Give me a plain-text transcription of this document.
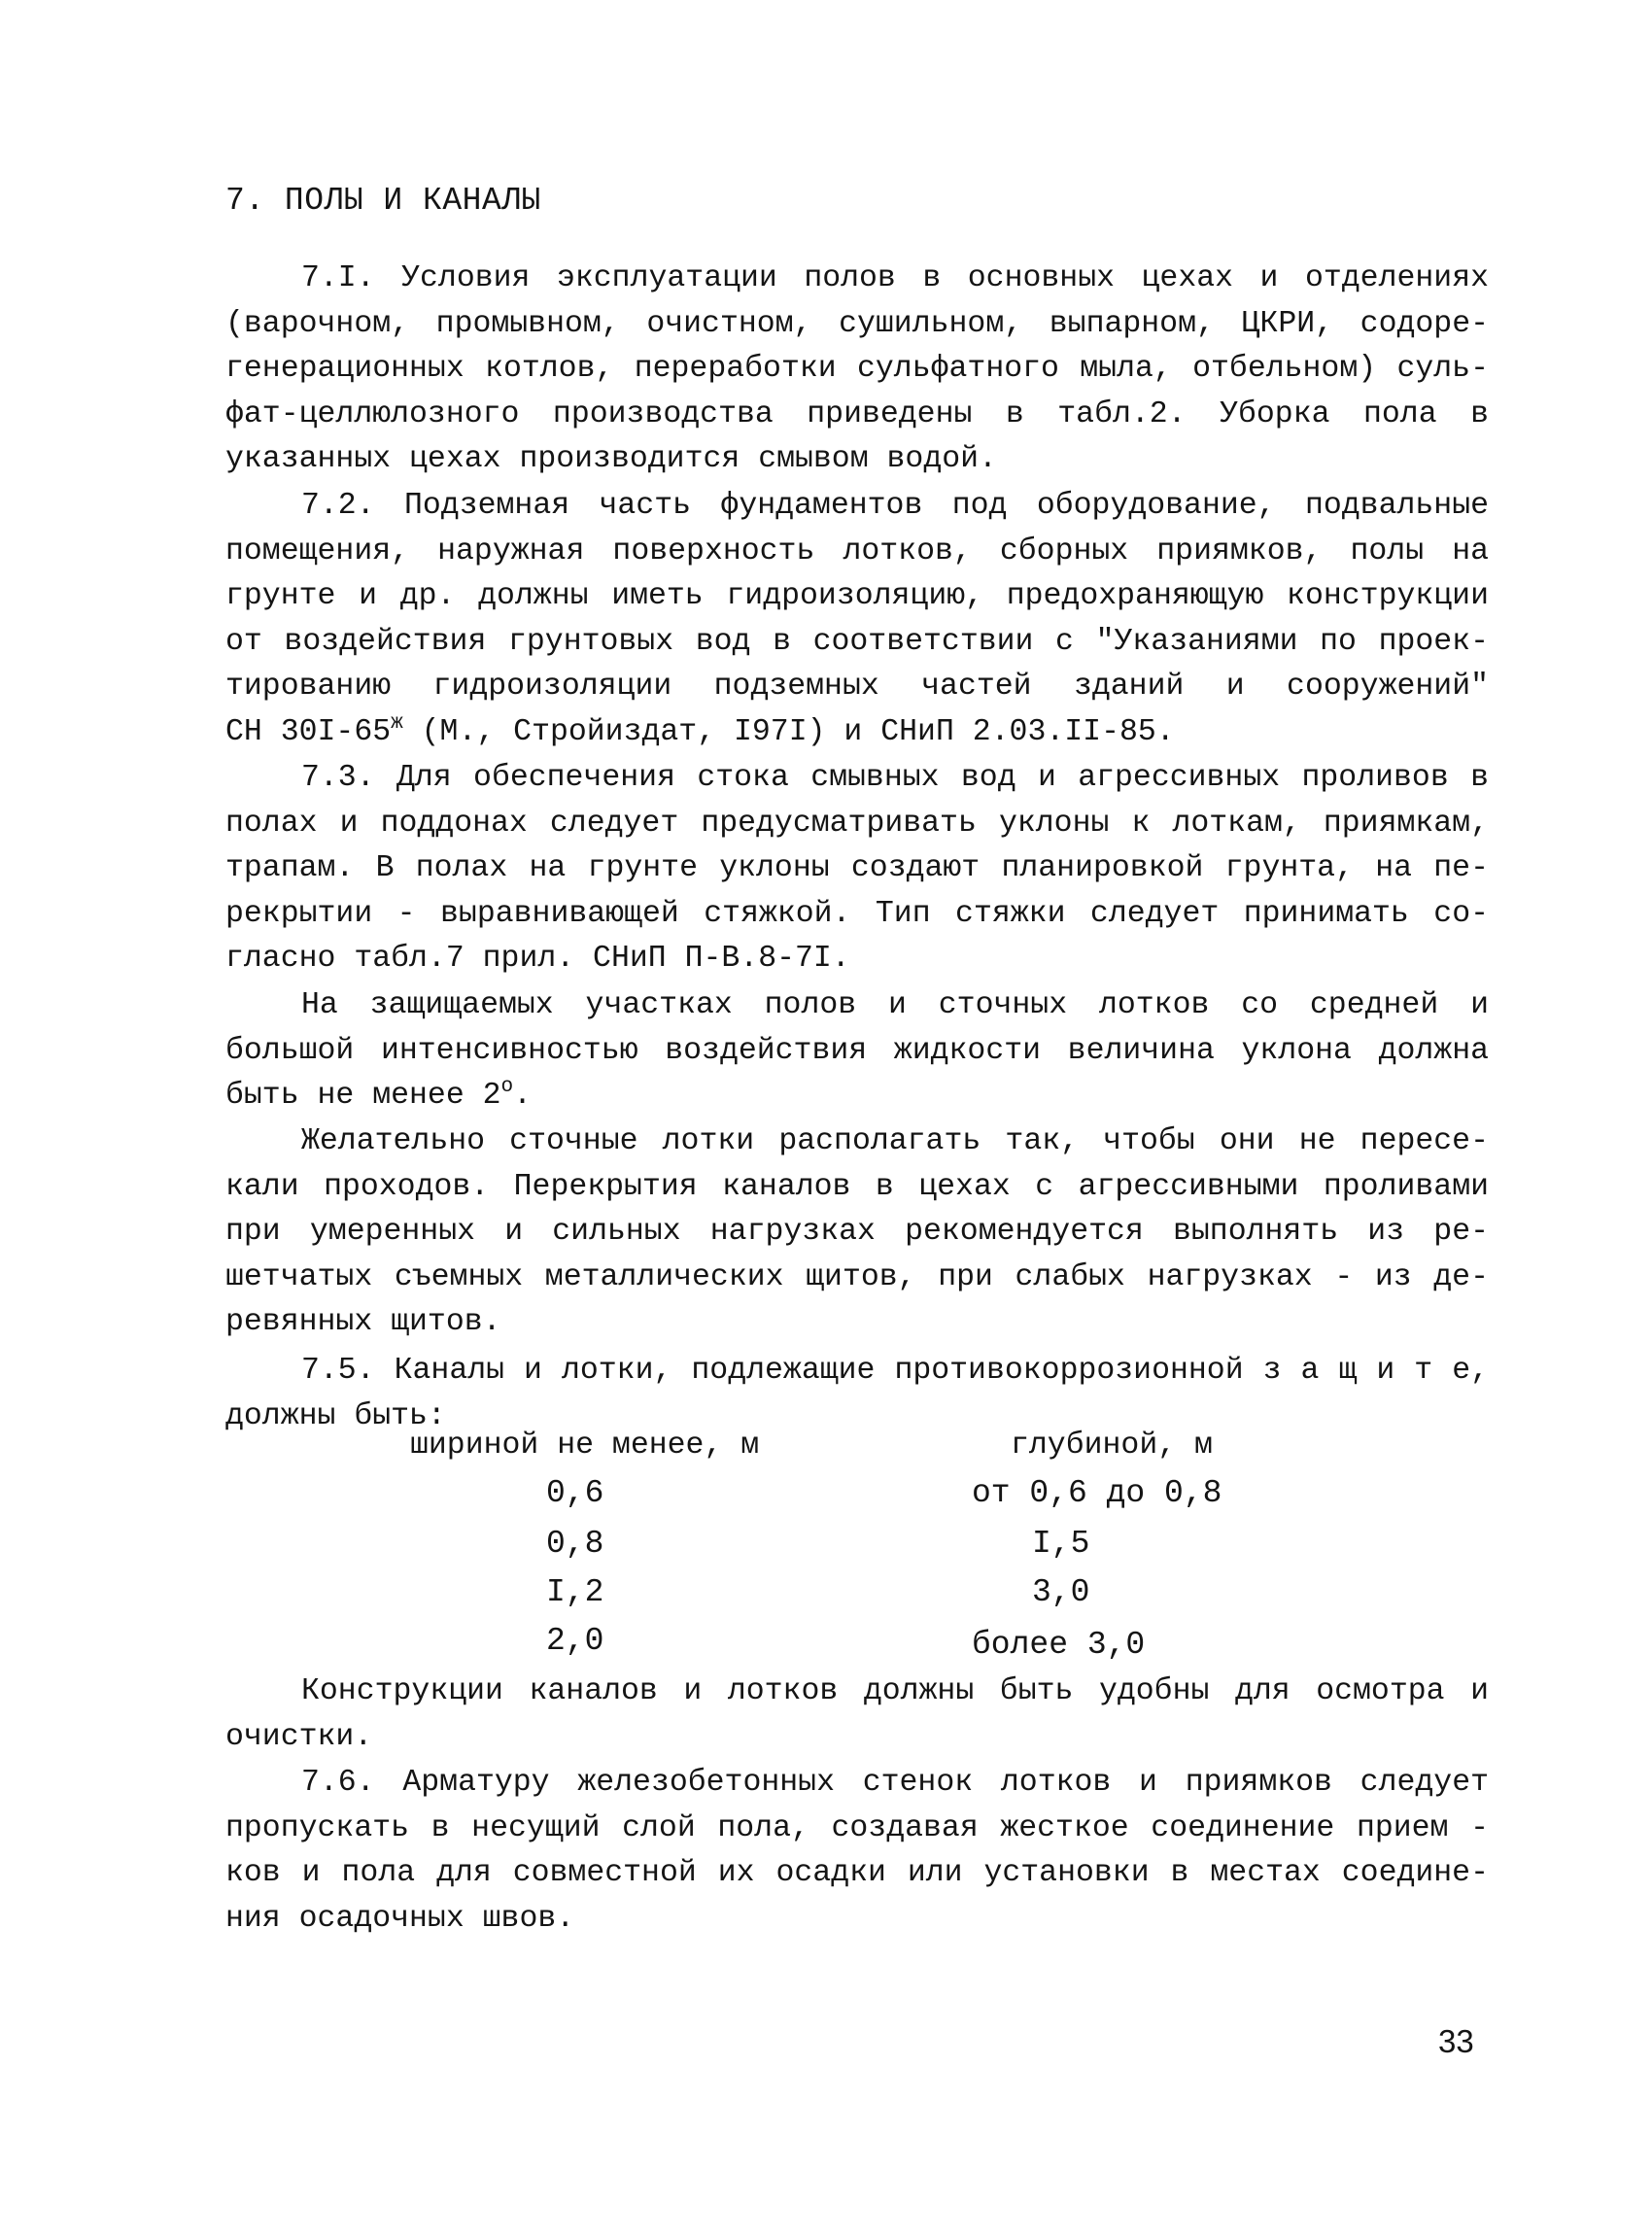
7. ПОЛЫ И КАНАЛЫ
7.I. Условия эксплуатации полов в основных цехах и отделениях
(варочном, промывном, очистном, сушильном, выпарном, ЦКРИ, содоре-
генерационных котлов, переработки сульфатного мыла, отбельном) суль-
фат-целлюлозного производства приведены в табл.2. Уборка пола в
указанных цехах производится смывом водой.
7.2. Подземная часть фундаментов под оборудование, подвальные
помещения, наружная поверхность лотков, сборных приямков, полы на
грунте и др. должны иметь гидроизоляцию, предохраняющую конструкции
от воздействия грунтовых вод в соответствии с "Указаниями по проек-
тированию гидроизоляции подземных частей зданий и сооружений"
СН $30I-65^ж$ (М., Стройиздат, I97I) и СНиП 2.03.II-85.
7.3. Для обеспечения стока смывных вод и агрессивных проливов в
полах и поддонах следует предусматривать уклоны к лоткам, приямкам,
трапам. В полах на грунте уклоны создают планировкой грунта, на пе-
рекрытии - выравнивающей стяжкой. Тип стяжки следует принимать со-
гласно табл.7 прил. СНиП П-В.8-7I.
На защищаемых участках полов и сточных лотков со средней и
большой интенсивностью воздействия жидкости величина уклона должна
быть не менее $2^о$.
Желательно сточные лотки располагать так, чтобы они не пересе-
кали проходов. Перекрытия каналов в цехах с агрессивными проливами
при умеренных и сильных нагрузках рекомендуется выполнять из ре-
шетчатых съемных металлических щитов, при слабых нагрузках - из де-
ревянных щитов.
7.5. Каналы и лотки, подлежащие противокоррозионной з а щ и т е,
должны быть:
шириной не менее, м	глубиной, м
0,6	от 0,6 до 0,8
0,8	I,5
I,2	3,0
2,0	более 3,0
Конструкции каналов и лотков должны быть удобны для осмотра и
очистки.
7.6. Арматуру железобетонных стенок лотков и приямков следует
пропускать в несущий слой пола, создавая жесткое соединение прием -
ков и пола для совместной их осадки или установки в местах соедине-
ния осадочных швов.
33
